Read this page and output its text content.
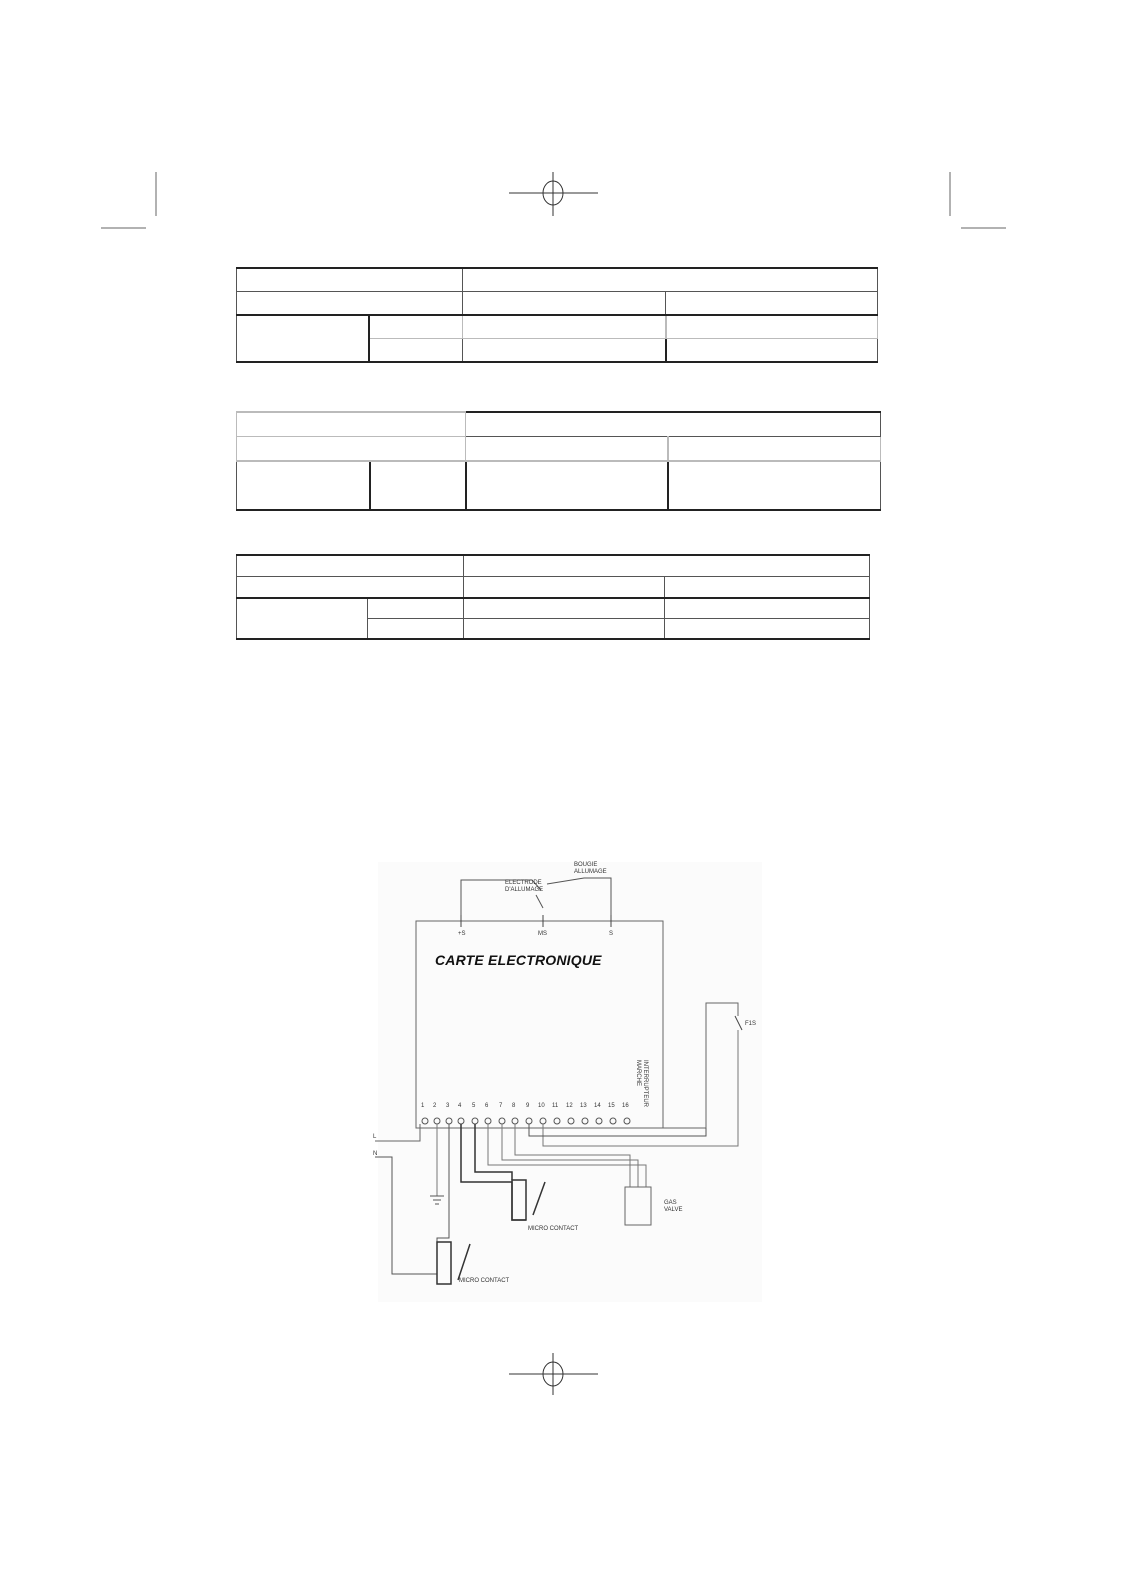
CARTE ELECTRONIQUE
ELECTRODE
D'ALLUMAGE
BOUGIE
ALLUMAGE
+S	MS	S
1 2 3 4 5 6 7 8 9 10 11 12 13 14 15 16
MICRO CONTACT
MICRO CONTACT
GAS
VALVE
F1S
L
N
INTERRUPTEUR
MARCHE
